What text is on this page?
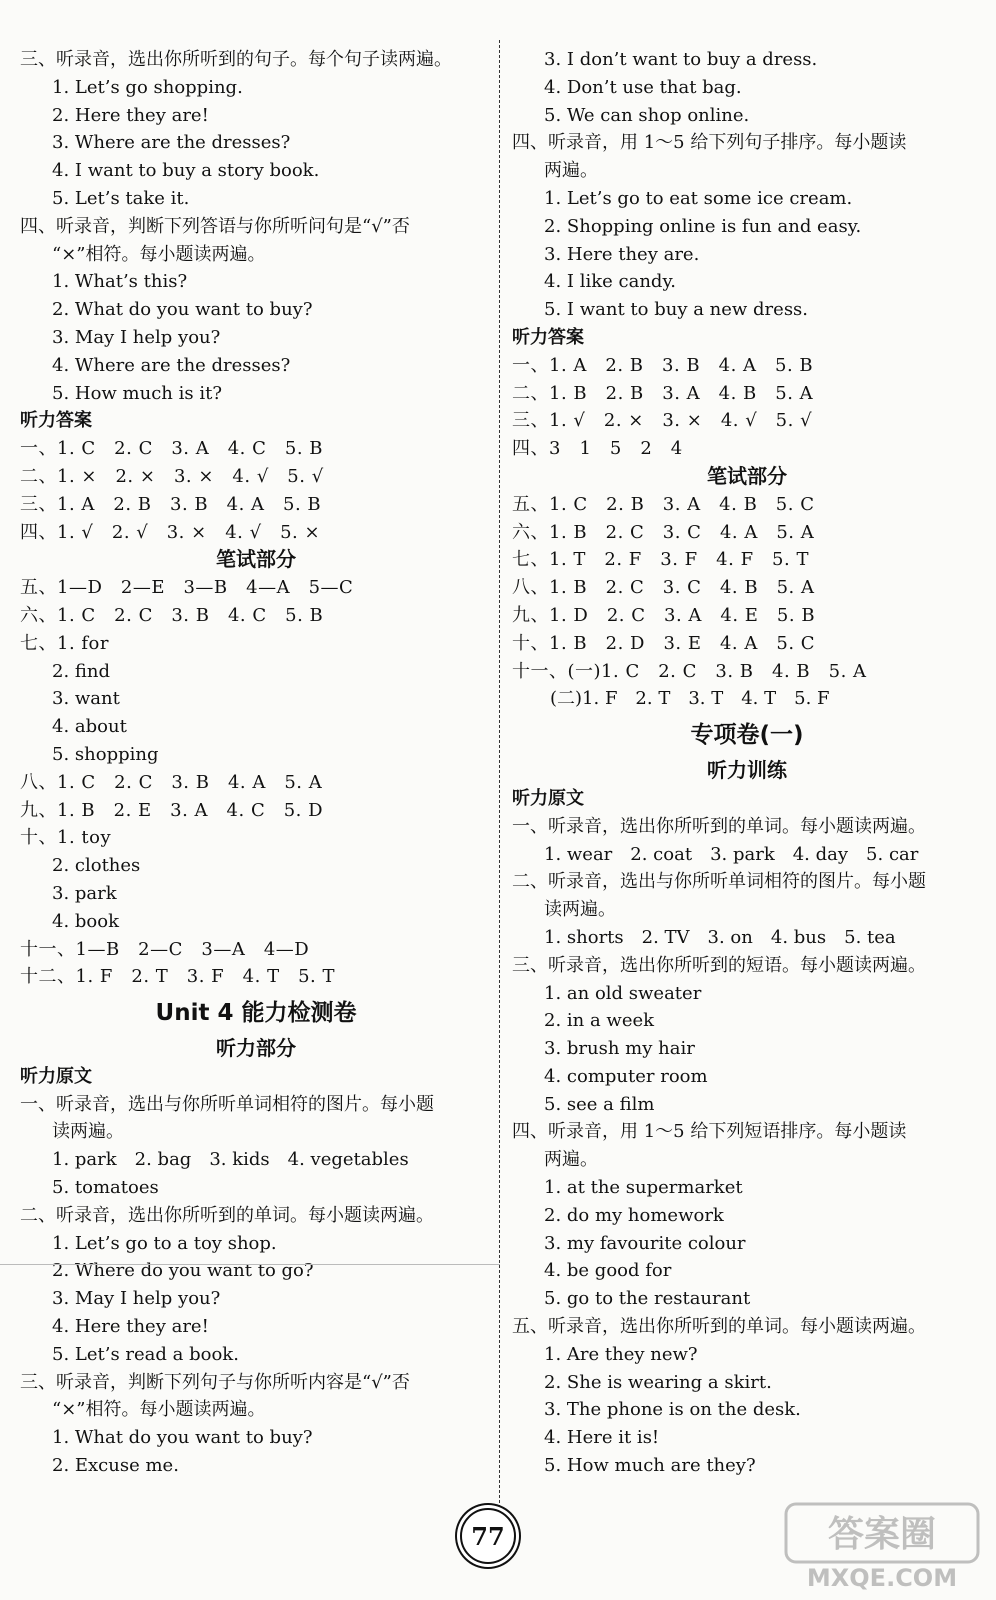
三、听录音，选出你所听到的句子。每个句子读两遍。
1. Let’s go shopping.
2. Here they are!
3. Where are the dresses?
4. I want to buy a story book.
5. Let’s take it.
四、听录音，判断下列答语与你所听问句是“√”否
“×”相符。每小题读两遍。
1. What’s this?
2. What do you want to buy?
3. May I help you?
4. Where are the dresses?
5. How much is it?
听力答案
一、1. C　2. C　3. A　4. C　5. B
二、1. ×　2. ×　3. ×　4. √　5. √
三、1. A　2. B　3. B　4. A　5. B
四、1. √　2. √　3. ×　4. √　5. ×
笔试部分
五、1—D　2—E　3—B　4—A　5—C
六、1. C　2. C　3. B　4. C　5. B
七、1. for
2. find
3. want
4. about
5. shopping
八、1. C　2. C　3. B　4. A　5. A
九、1. B　2. E　3. A　4. C　5. D
十、1. toy
2. clothes
3. park
4. book
十一、1—B　2—C　3—A　4—D
十二、1. F　2. T　3. F　4. T　5. T
Unit 4 能力检测卷
听力部分
听力原文
一、听录音，选出与你所听单词相符的图片。每小题
读两遍。
1. park　2. bag　3. kids　4. vegetables
5. tomatoes
二、听录音，选出你所听到的单词。每小题读两遍。
1. Let’s go to a toy shop.
2. Where do you want to go?
3. May I help you?
4. Here they are!
5. Let’s read a book.
三、听录音，判断下列句子与你所听内容是“√”否
“×”相符。每小题读两遍。
1. What do you want to buy?
2. Excuse me.
3. I don’t want to buy a dress.
4. Don’t use that bag.
5. We can shop online.
四、听录音，用 1～5 给下列句子排序。每小题读
两遍。
1. Let’s go to eat some ice cream.
2. Shopping online is fun and easy.
3. Here they are.
4. I like candy.
5. I want to buy a new dress.
听力答案
一、1. A　2. B　3. B　4. A　5. B
二、1. B　2. B　3. A　4. B　5. A
三、1. √　2. ×　3. ×　4. √　5. √
四、3　1　5　2　4
笔试部分
五、1. C　2. B　3. A　4. B　5. C
六、1. B　2. C　3. C　4. A　5. A
七、1. T　2. F　3. F　4. F　5. T
八、1. B　2. C　3. C　4. B　5. A
九、1. D　2. C　3. A　4. E　5. B
十、1. B　2. D　3. E　4. A　5. C
十一、(一)1. C　2. C　3. B　4. B　5. A
(二)1. F　2. T　3. T　4. T　5. F
专项卷(一)
听力训练
听力原文
一、听录音，选出你所听到的单词。每小题读两遍。
1. wear　2. coat　3. park　4. day　5. car
二、听录音，选出与你所听单词相符的图片。每小题
读两遍。
1. shorts　2. TV　3. on　4. bus　5. tea
三、听录音，选出你所听到的短语。每小题读两遍。
1. an old sweater
2. in a week
3. brush my hair
4. computer room
5. see a film
四、听录音，用 1～5 给下列短语排序。每小题读
两遍。
1. at the supermarket
2. do my homework
3. my favourite colour
4. be good for
5. go to the restaurant
五、听录音，选出你所听到的单词。每小题读两遍。
1. Are they new?
2. She is wearing a skirt.
3. The phone is on the desk.
4. Here it is!
5. How much are they?
77	答案圈
MXQE.COM
